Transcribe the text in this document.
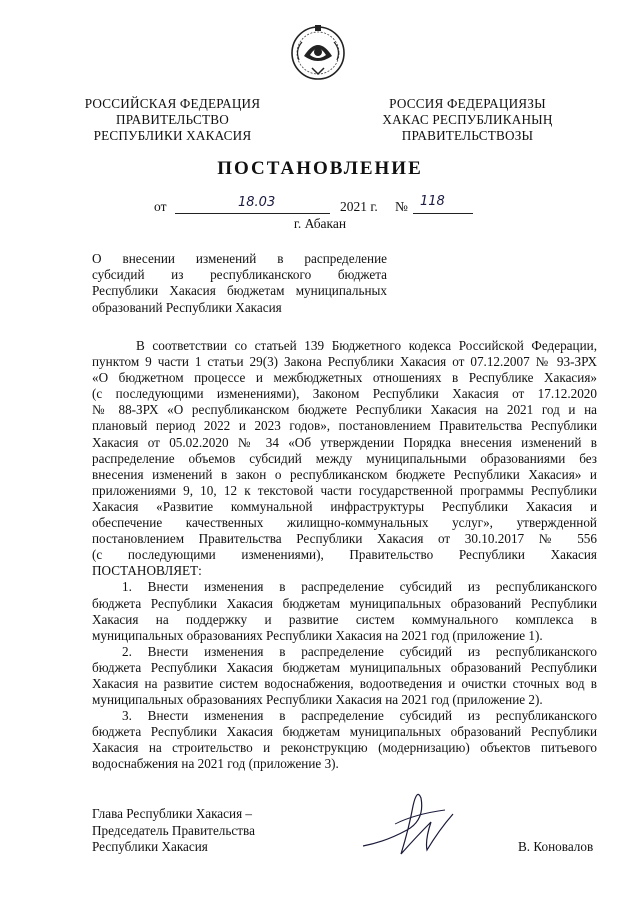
РОССИЙСКАЯ ФЕДЕРАЦИЯ
ПРАВИТЕЛЬСТВО
РЕСПУБЛИКИ ХАКАСИЯ
РОССИЯ ФЕДЕРАЦИЯЗЫ
ХАКАС РЕСПУБЛИКАНЫҢ
ПРАВИТЕЛЬСТВОЗЫ
ПОСТАНОВЛЕНИЕ
от	18.03	2021 г. № 118
г. Абакан
О внесении изменений в распределение
субсидий из республиканского бюджета
Республики Хакасия бюджетам муниципальных
образований Республики Хакасия
В соответствии со статьей 139 Бюджетного кодекса Российской Федерации,
пунктом 9 части 1 статьи 29(3) Закона Республики Хакасия от 07.12.2007 № 93-ЗРХ
«О бюджетном процессе и межбюджетных отношениях в Республике Хакасия»
(с последующими изменениями), Законом Республики Хакасия от 17.12.2020
№ 88-ЗРХ «О республиканском бюджете Республики Хакасия на 2021 год и на
плановый период 2022 и 2023 годов», постановлением Правительства Республики
Хакасия от 05.02.2020 № 34 «Об утверждении Порядка внесения изменений в
распределение объемов субсидий между муниципальными образованиями без
внесения изменений в закон о республиканском бюджете Республики Хакасия» и
приложениями 9, 10, 12 к текстовой части государственной программы Республики
Хакасия «Развитие коммунальной инфраструктуры Республики Хакасия и
обеспечение качественных жилищно-коммунальных услуг», утвержденной
постановлением Правительства Республики Хакасия от 30.10.2017 № 556
(с последующими изменениями), Правительство Республики Хакасия
ПОСТАНОВЛЯЕТ:
1. Внести изменения в распределение субсидий из республиканского
бюджета Республики Хакасия бюджетам муниципальных образований Республики
Хакасия на поддержку и развитие систем коммунального комплекса в
муниципальных образованиях Республики Хакасия на 2021 год (приложение 1).
2. Внести изменения в распределение субсидий из республиканского
бюджета Республики Хакасия бюджетам муниципальных образований Республики
Хакасия на развитие систем водоснабжения, водоотведения и очистки сточных вод в
муниципальных образованиях Республики Хакасия на 2021 год (приложение 2).
3. Внести изменения в распределение субсидий из республиканского
бюджета Республики Хакасия бюджетам муниципальных образований Республики
Хакасия на строительство и реконструкцию (модернизацию) объектов питьевого
водоснабжения на 2021 год (приложение 3).
Глава Республики Хакасия –
Председатель Правительства
Республики Хакасия	В. Коновалов
